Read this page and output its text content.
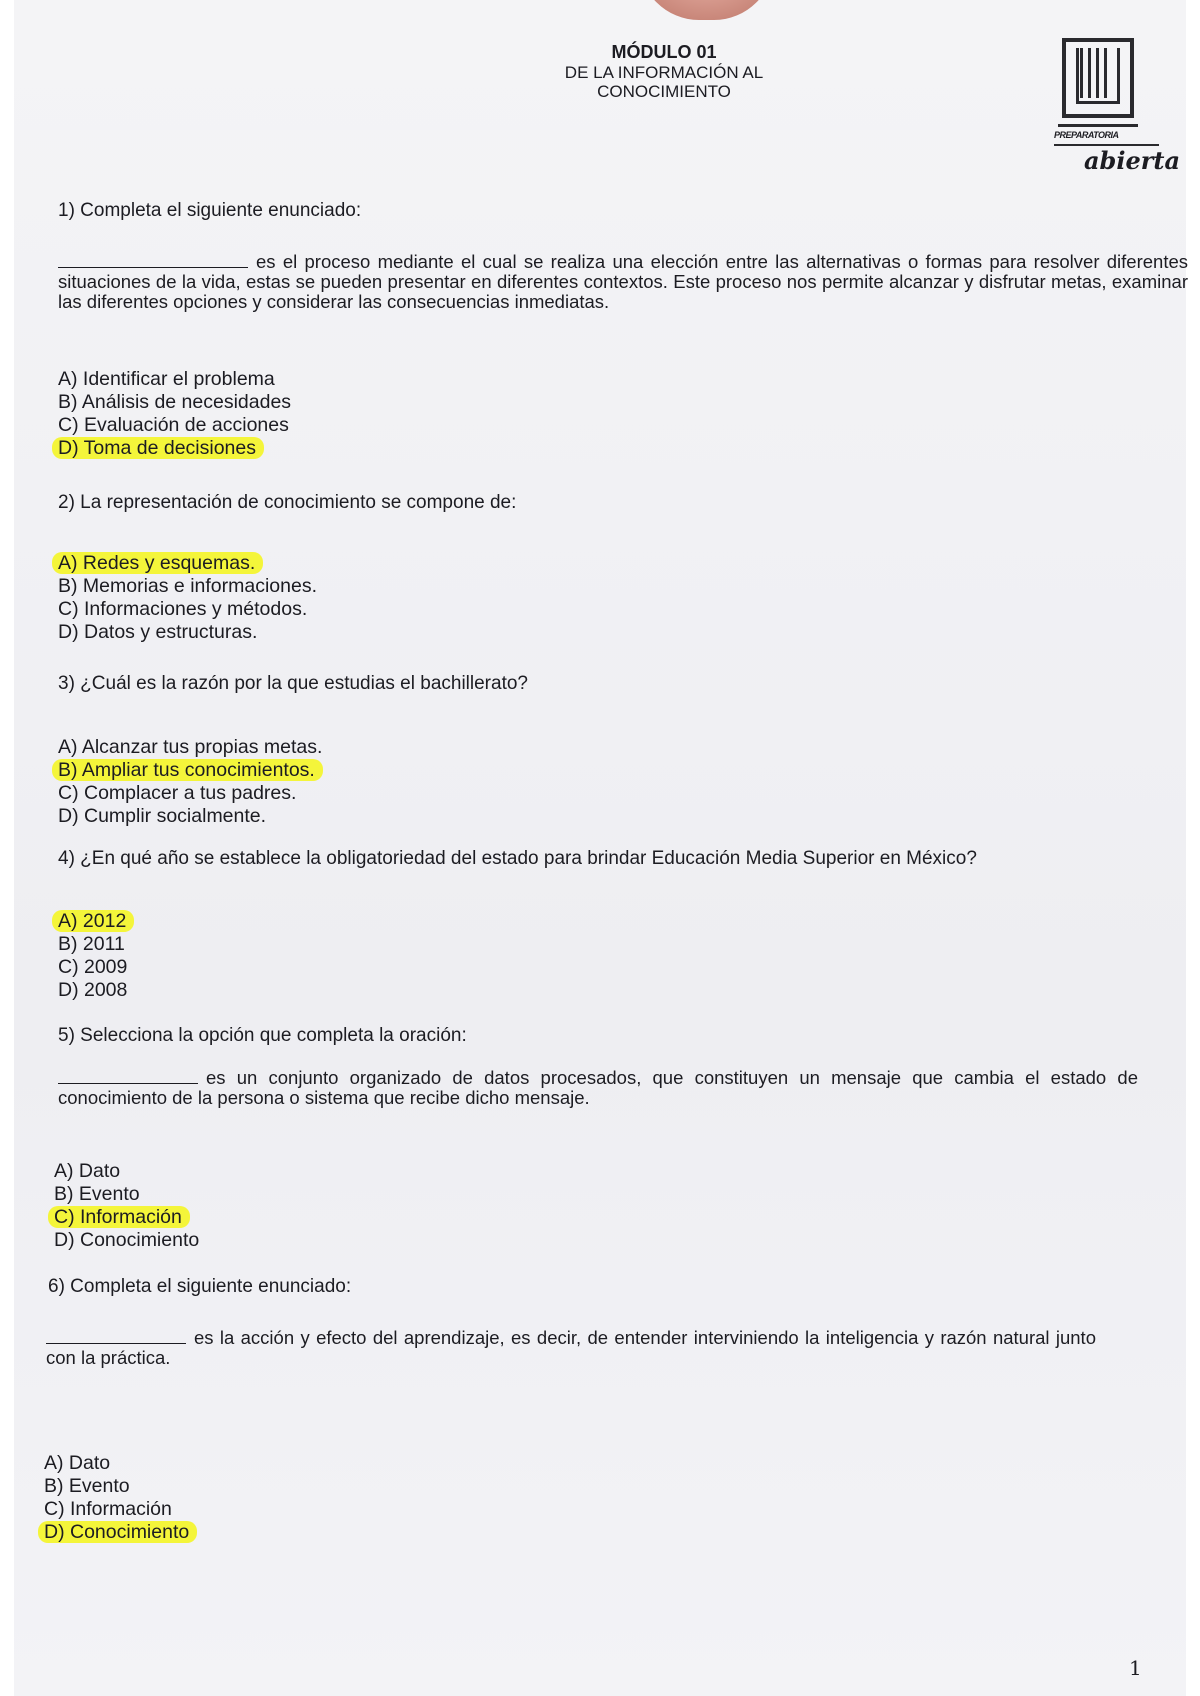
MÓDULO 01

DE LA INFORMACIÓN AL

CONOCIMIENTO

PREPARATORIA
abierta

1) Completa el siguiente enunciado:

es el proceso mediante el cual se realiza una elección entre las alternativas o formas para resolver diferentes situaciones de la vida, estas se pueden presentar en diferentes contextos. Este proceso nos permite alcanzar y disfrutar metas, examinar las diferentes opciones y considerar las consecuencias inmediatas.

A) Identificar el problema
B) Análisis de necesidades
C) Evaluación de acciones
D) Toma de decisiones

2) La representación de conocimiento se compone de:

A) Redes y esquemas.
B) Memorias e informaciones.
C) Informaciones y métodos.
D) Datos y estructuras.

3) ¿Cuál es la razón por la que estudias el bachillerato?

A) Alcanzar tus propias metas.
B) Ampliar tus conocimientos.
C) Complacer a tus padres.
D) Cumplir socialmente.

4) ¿En qué año se establece la obligatoriedad del estado para brindar Educación Media Superior en México?

A) 2012
B) 2011
C) 2009
D) 2008

5) Selecciona la opción que completa la oración:

es un conjunto organizado de datos procesados, que constituyen un mensaje que cambia el estado de conocimiento de la persona o sistema que recibe dicho mensaje.

A) Dato
B) Evento
C) Información
D) Conocimiento

6) Completa el siguiente enunciado:

es la acción y efecto del aprendizaje, es decir, de entender interviniendo la inteligencia y razón natural junto con la práctica.

A) Dato
B) Evento
C) Información
D) Conocimiento
1
